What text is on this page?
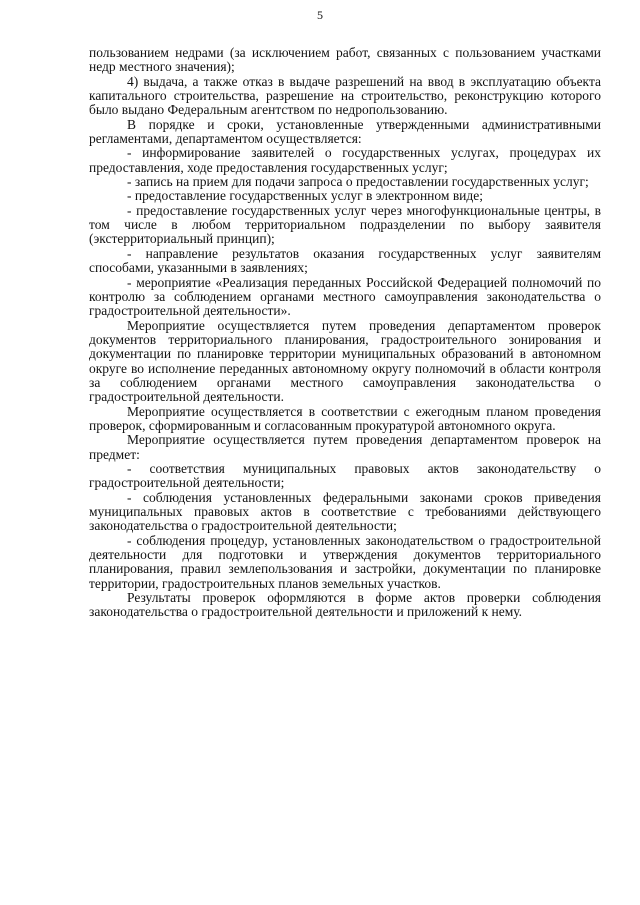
5

пользованием недрами (за исключением работ, связанных с пользованием участками недр местного значения);

4) выдача, а также отказ в выдаче разрешений на ввод в эксплуатацию объекта капитального строительства, разрешение на строительство, реконструкцию которого было выдано Федеральным агентством по недропользованию.

В порядке и сроки, установленные утвержденными административными регламентами, департаментом осуществляется:

- информирование заявителей о государственных услугах, процедурах их предоставления, ходе предоставления государственных услуг;

- запись на прием для подачи запроса о предоставлении государственных услуг;

- предоставление государственных услуг в электронном виде;

- предоставление государственных услуг через многофункциональные центры, в том числе в любом территориальном подразделении по выбору заявителя (экстерриториальный принцип);

- направление результатов оказания государственных услуг заявителям способами, указанными в заявлениях;

- мероприятие «Реализация переданных Российской Федерацией полномочий по контролю за соблюдением органами местного самоуправления законодательства о градостроительной деятельности».

Мероприятие осуществляется путем проведения департаментом проверок документов территориального планирования, градостроительного зонирования и документации по планировке территории муниципальных образований в автономном округе во исполнение переданных автономному округу полномочий в области контроля за соблюдением органами местного самоуправления законодательства о градостроительной деятельности.

Мероприятие осуществляется в соответствии с ежегодным планом проведения проверок, сформированным и согласованным прокуратурой автономного округа.

Мероприятие осуществляется путем проведения департаментом проверок на предмет:

- соответствия муниципальных правовых актов законодательству о градостроительной деятельности;

- соблюдения установленных федеральными законами сроков приведения муниципальных правовых актов в соответствие с требованиями действующего законодательства о градостроительной деятельности;

- соблюдения процедур, установленных законодательством о градостроительной деятельности для подготовки и утверждения документов территориального планирования, правил землепользования и застройки, документации по планировке территории, градостроительных планов земельных участков.

Результаты проверок оформляются в форме актов проверки соблюдения законодательства о градостроительной деятельности и приложений к нему.
